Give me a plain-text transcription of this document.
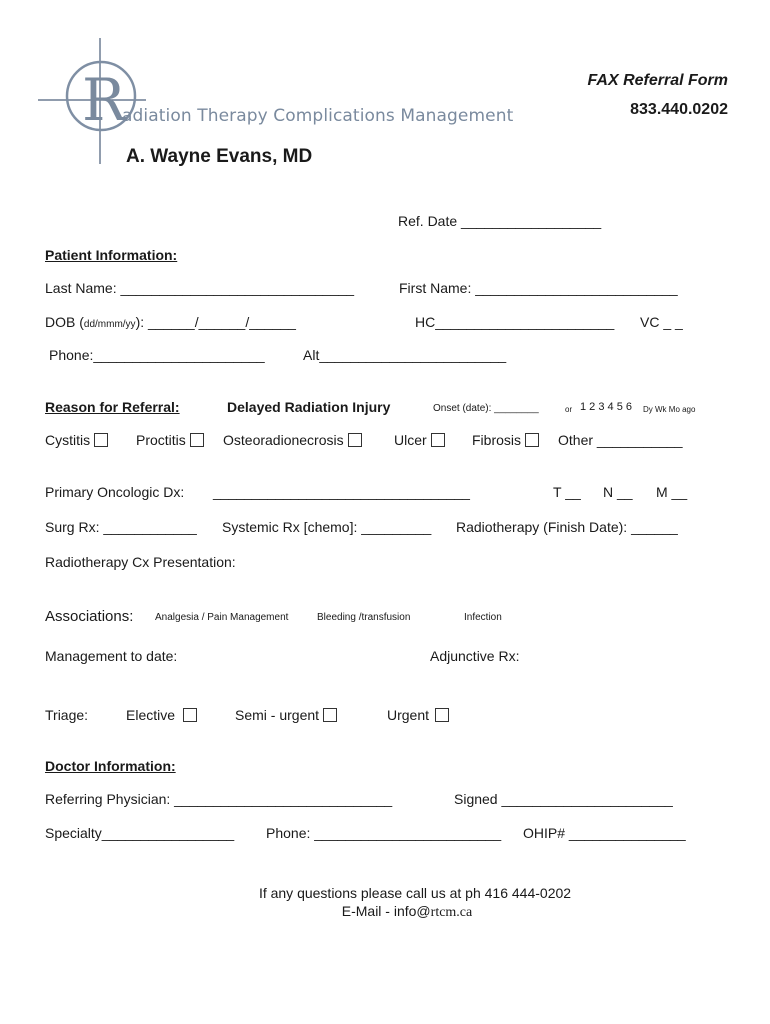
R
adiation Therapy Complications Management
FAX Referral Form
833.440.0202
A. Wayne Evans, MD
Ref. Date __________________
Patient Information:
Last Name: ______________________________	First Name: __________________________
DOB (dd/mmm/yy): ______/______/______	HC_______________________ VC _ _
Phone:______________________	Alt________________________
Reason for Referral:	Delayed Radiation Injury	Onset (date): ________	or 1 2 3 4 5 6 Dy Wk Mo ago
Cystitis	Proctitis	Osteoradionecrosis	Ulcer	Fibrosis	Other ___________
Primary Oncologic Dx: _________________________________	T __ N __ M __
Surg Rx: ____________ Systemic Rx [chemo]: _________ Radiotherapy (Finish Date): ______
Radiotherapy Cx Presentation:
Associations: Analgesia / Pain Management	Bleeding /transfusion	Infection
Management to date:	Adjunctive Rx:
Triage:	Elective	Semi - urgent	Urgent
Doctor Information:
Referring Physician: ____________________________	Signed ______________________
Specialty_________________ Phone: ________________________ OHIP# _______________
If any questions please call us at ph 416 444-0202
E-Mail - info@rtcm.ca
